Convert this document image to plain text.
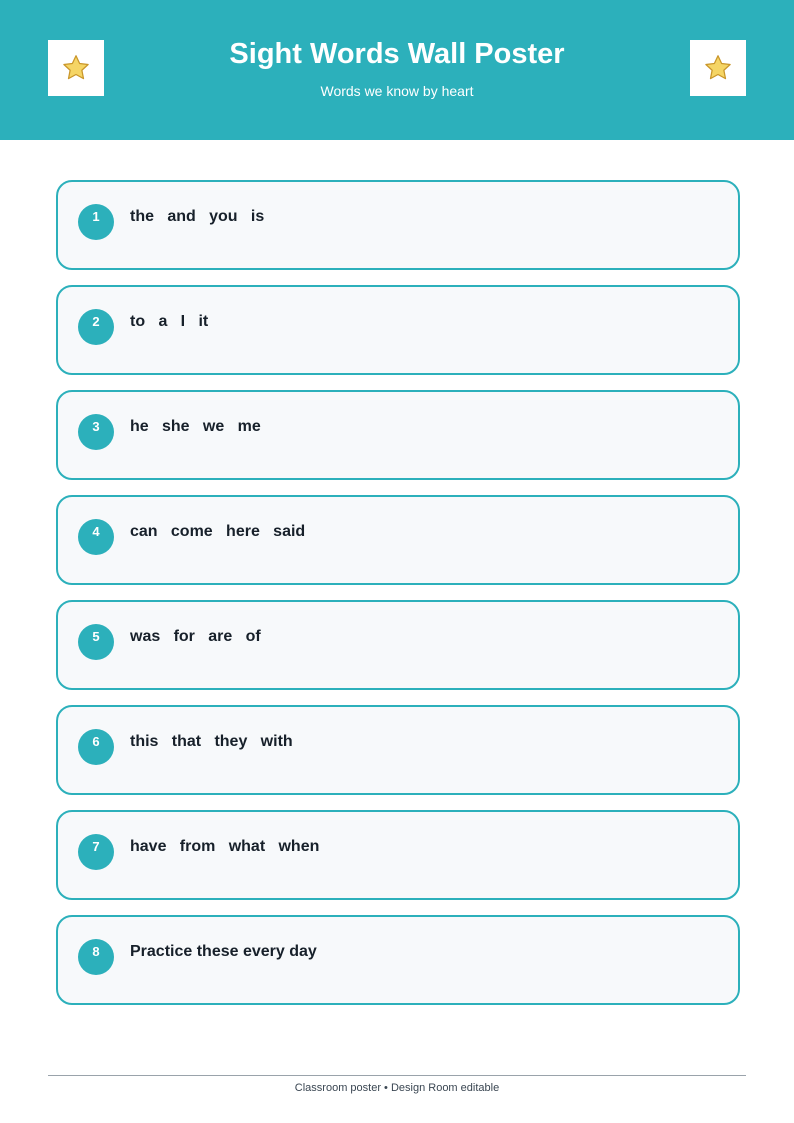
Sight Words Wall Poster
Words we know by heart
1	the   and   you   is
2	to   a   I   it
3	he   she   we   me
4	can   come   here   said
5	was   for   are   of
6	this   that   they   with
7	have   from   what   when
8	Practice these every day
Classroom poster • Design Room editable
